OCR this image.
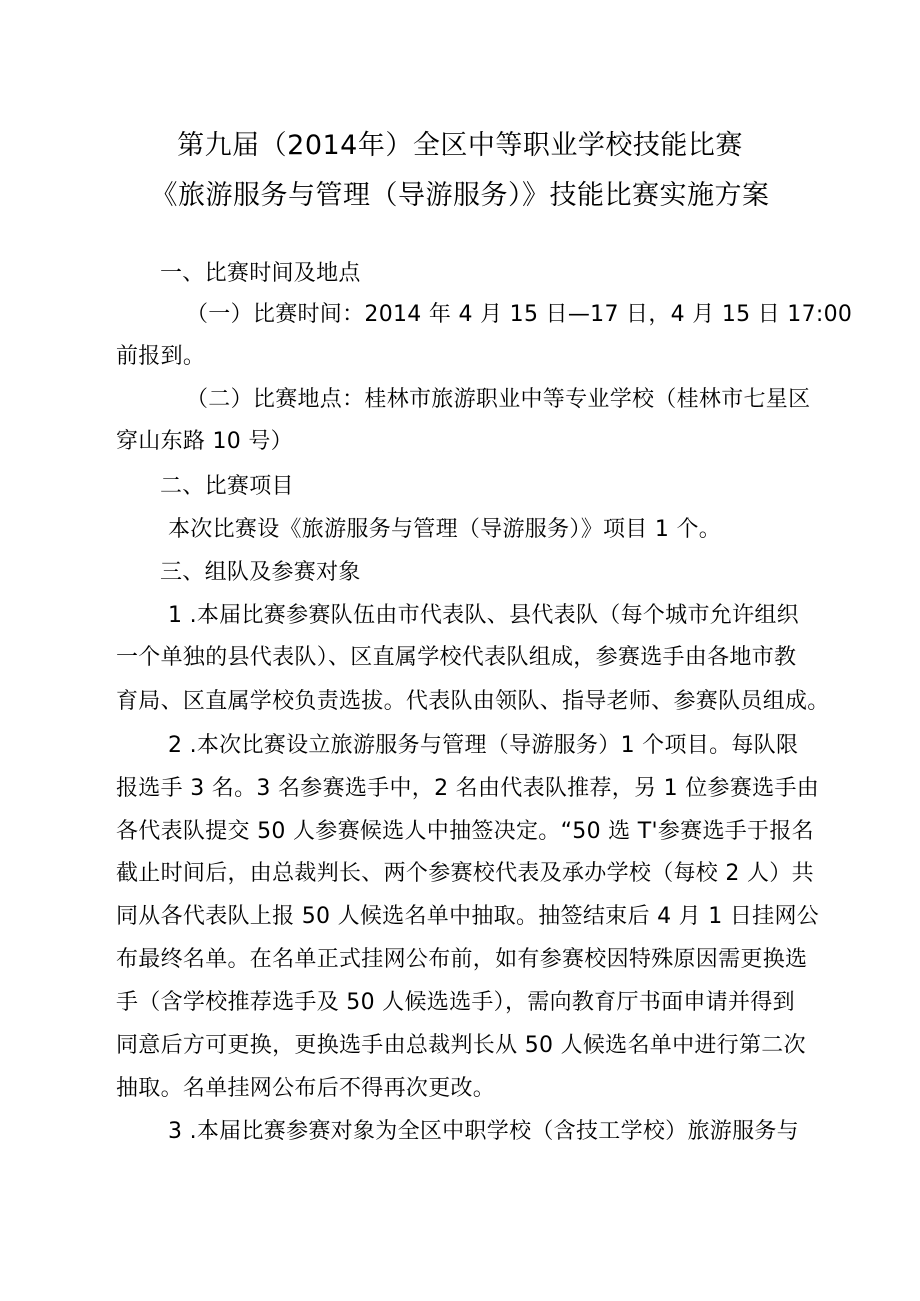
第九届（2014年）全区中等职业学校技能比赛
《旅游服务与管理（导游服务）》技能比赛实施方案
一、比赛时间及地点
（一）比赛时间：2014 年 4 月 15 日—17 日，4 月 15 日 17:00
前报到。
（二）比赛地点：桂林市旅游职业中等专业学校（桂林市七星区
穿山东路 10 号）
二、比赛项目
本次比赛设《旅游服务与管理（导游服务）》项目 1 个。
三、组队及参赛对象
1 .本届比赛参赛队伍由市代表队、县代表队（每个城市允许组织
一个单独的县代表队）、区直属学校代表队组成，参赛选手由各地市教
育局、区直属学校负责选拔。代表队由领队、指导老师、参赛队员组成。
2 .本次比赛设立旅游服务与管理（导游服务）1 个项目。每队限
报选手 3 名。3 名参赛选手中，2 名由代表队推荐，另 1 位参赛选手由
各代表队提交 50 人参赛候选人中抽签决定。“50 选 T'参赛选手于报名
截止时间后，由总裁判长、两个参赛校代表及承办学校（每校 2 人）共
同从各代表队上报 50 人候选名单中抽取。抽签结束后 4 月 1 日挂网公
布最终名单。在名单正式挂网公布前，如有参赛校因特殊原因需更换选
手（含学校推荐选手及 50 人候选选手），需向教育厅书面申请并得到
同意后方可更换，更换选手由总裁判长从 50 人候选名单中进行第二次
抽取。名单挂网公布后不得再次更改。
3 .本届比赛参赛对象为全区中职学校（含技工学校）旅游服务与
